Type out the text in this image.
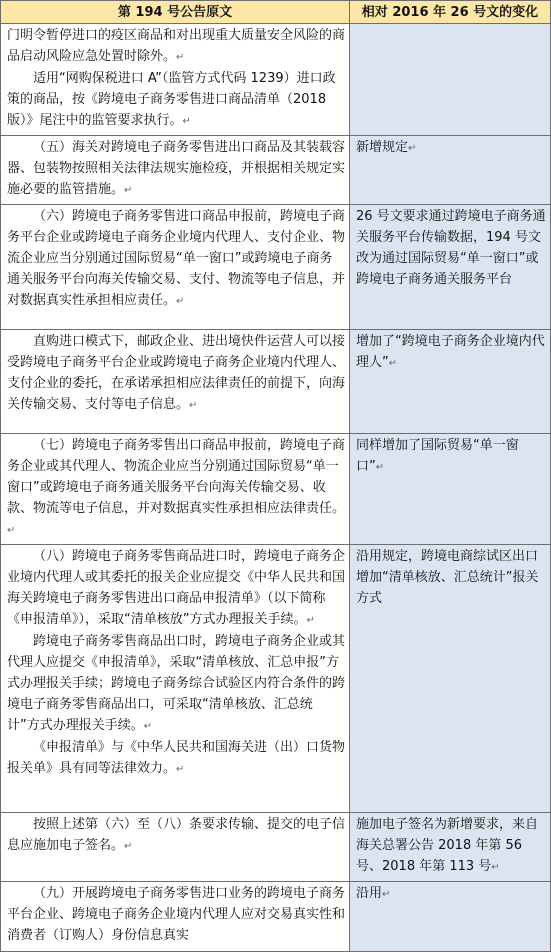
第 194 号公告原文	相对 2016 年 26 号文的变化

门明令暂停进口的疫区商品和对出现重大质量安全风险的商品启动风险应急处置时除外。↵

适用“网购保税进口 A”（监管方式代码 1239）进口政策的商品，按《跨境电子商务零售进口商品清单（2018 版）》尾注中的监管要求执行。↵	

（五）海关对跨境电子商务零售进出口商品及其装载容器、包装物按照相关法律法规实施检疫，并根据相关规定实施必要的监管措施。↵	新增规定↵

（六）跨境电子商务零售进口商品申报前，跨境电子商务平台企业或跨境电子商务企业境内代理人、支付企业、物流企业应当分别通过国际贸易“单一窗口”或跨境电子商务通关服务平台向海关传输交易、支付、物流等电子信息，并对数据真实性承担相应责任。↵	26 号文要求通过跨境电子商务通关服务平台传输数据，194 号文改为通过国际贸易“单一窗口”或跨境电子商务通关服务平台

直购进口模式下，邮政企业、进出境快件运营人可以接受跨境电子商务平台企业或跨境电子商务企业境内代理人、支付企业的委托，在承诺承担相应法律责任的前提下，向海关传输交易、支付等电子信息。↵	增加了“跨境电子商务企业境内代理人”↵

（七）跨境电子商务零售出口商品申报前，跨境电子商务企业或其代理人、物流企业应当分别通过国际贸易“单一窗口”或跨境电子商务通关服务平台向海关传输交易、收款、物流等电子信息，并对数据真实性承担相应法律责任。↵	同样增加了国际贸易“单一窗口”↵

（八）跨境电子商务零售商品进口时，跨境电子商务企业境内代理人或其委托的报关企业应提交《中华人民共和国海关跨境电子商务零售进出口商品申报清单》（以下简称《申报清单》），采取“清单核放”方式办理报关手续。↵

跨境电子商务零售商品出口时，跨境电子商务企业或其代理人应提交《申报清单》，采取“清单核放、汇总申报”方式办理报关手续；跨境电子商务综合试验区内符合条件的跨境电子商务零售商品出口，可采取“清单核放、汇总统计”方式办理报关手续。↵

《申报清单》与《中华人民共和国海关进（出）口货物报关单》具有同等法律效力。↵	沿用规定，跨境电商综试区出口增加“清单核放、汇总统计”报关方式

按照上述第（六）至（八）条要求传输、提交的电子信息应施加电子签名。↵	施加电子签名为新增要求，来自海关总署公告 2018 年第 56 号、2018 年第 113 号↵

（九）开展跨境电子商务零售进口业务的跨境电子商务平台企业、跨境电子商务企业境内代理人应对交易真实性和消费者（订购人）身份信息真实	沿用↵
